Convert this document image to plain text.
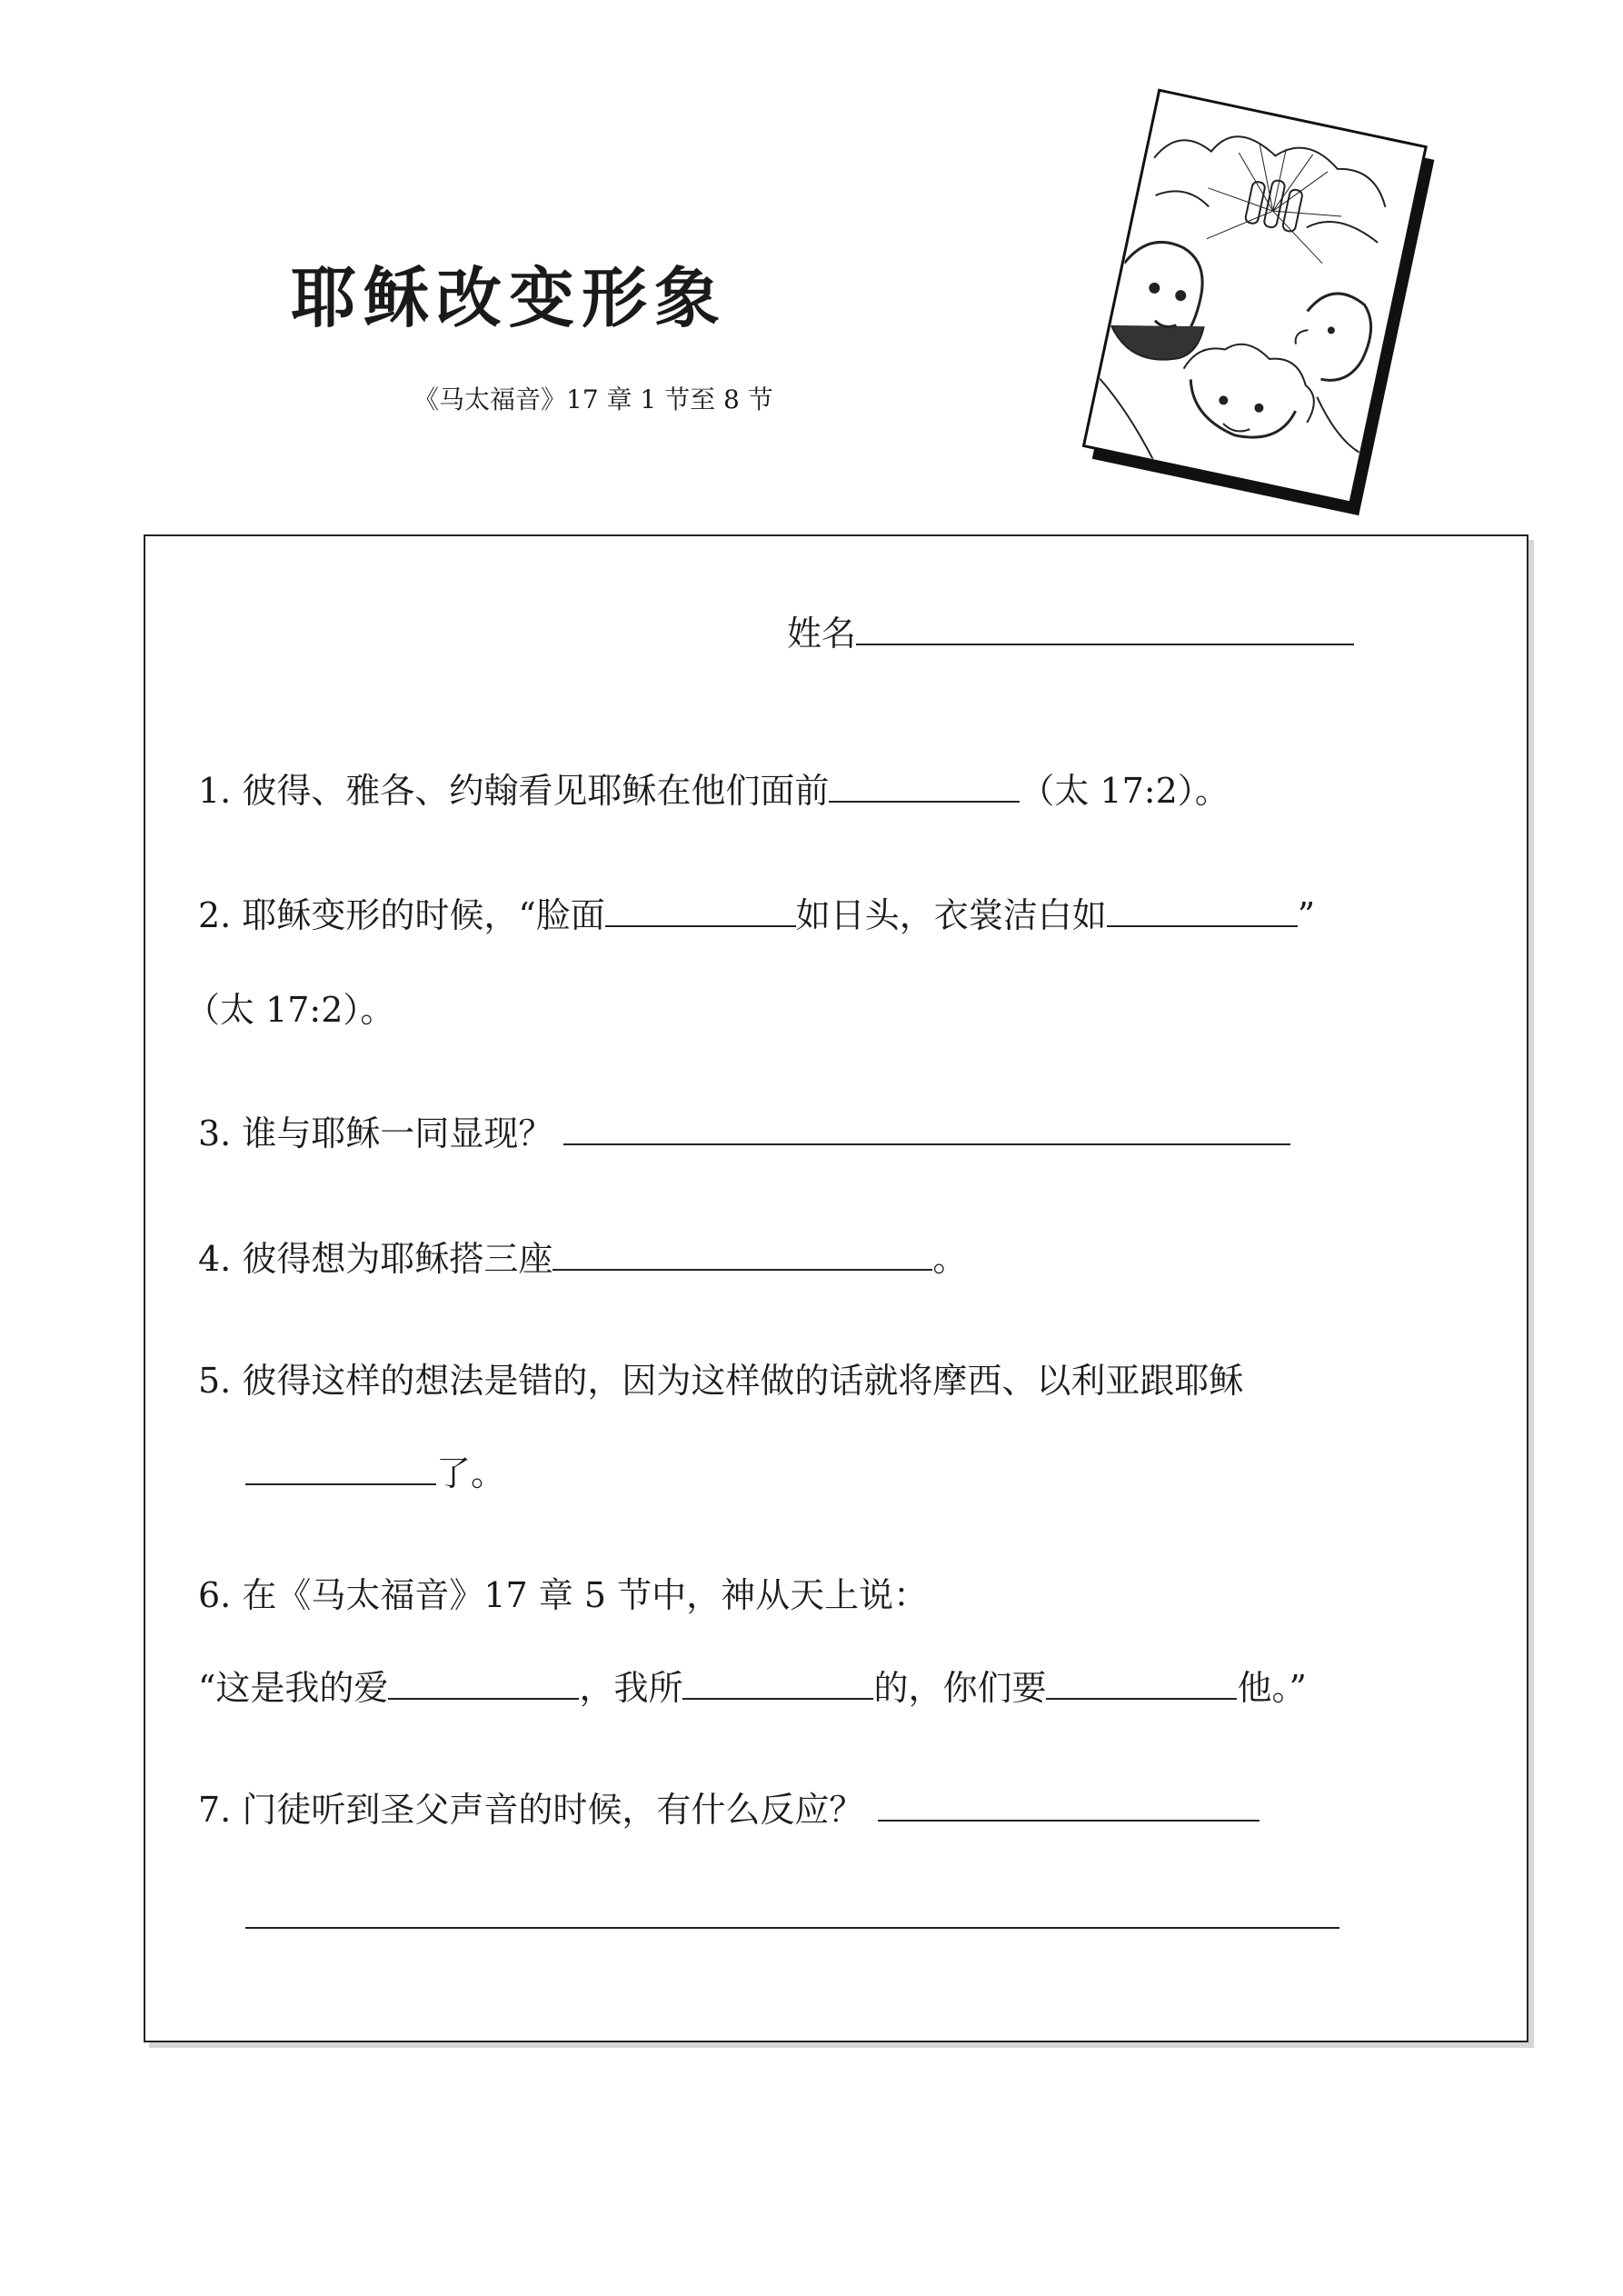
耶稣改变形象
《马太福音》17 章 1 节至 8 节
姓名
1. 彼得、雅各、约翰看见耶稣在他们面前	（太 17:2）。
2. 耶稣变形的时候，“脸面	如日头，衣裳洁白如	”
（太 17:2）。
3. 谁与耶稣一同显现？
4. 彼得想为耶稣搭三座	。
5. 彼得这样的想法是错的，因为这样做的话就将摩西、以利亚跟耶稣
了。
6. 在《马太福音》17 章 5 节中，神从天上说：
“这是我的爱	，我所	的，你们要	他。”
7. 门徒听到圣父声音的时候，有什么反应？
